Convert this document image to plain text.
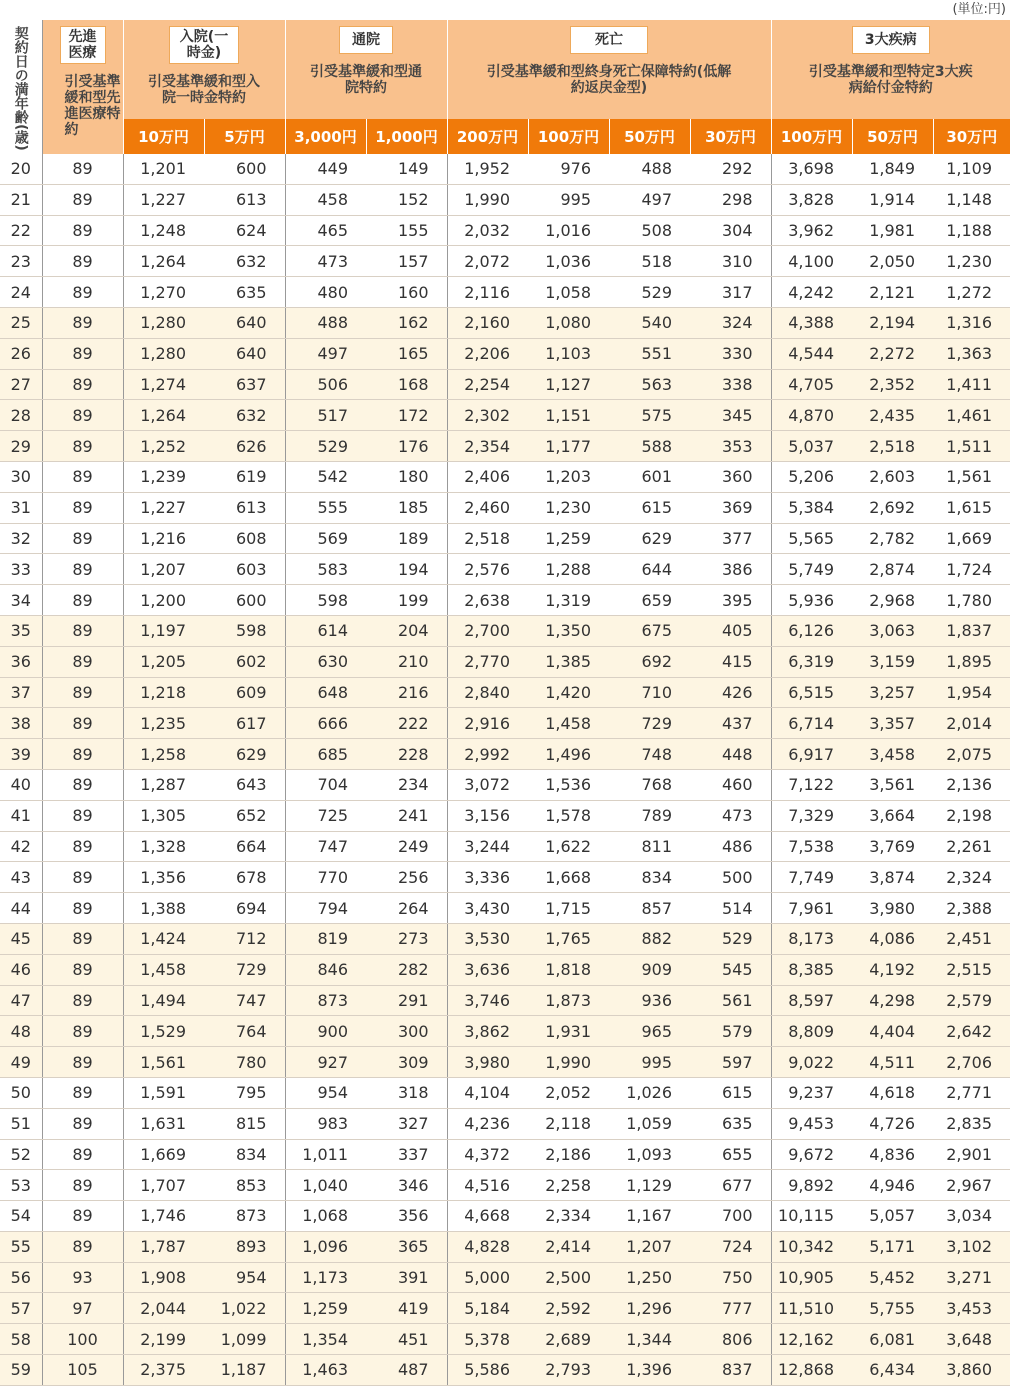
(単位:円)
契約日の満年齢(歳)	先進医療
引受基準緩和型先進医療特約	入院(一時金)
引受基準緩和型入院一時金特約		通院
引受基準緩和型通院特約		死亡
引受基準緩和型終身死亡保障特約(低解約返戻金型)				3大疾病
引受基準緩和型特定3大疾病給付金特約		

		10万円	5万円	3,000円	1,000円	200万円	100万円	50万円	30万円	100万円	50万円	30万円
20	89	1,201	600	449	149	1,952	976	488	292	3,698	1,849	1,109
21	89	1,227	613	458	152	1,990	995	497	298	3,828	1,914	1,148
22	89	1,248	624	465	155	2,032	1,016	508	304	3,962	1,981	1,188
23	89	1,264	632	473	157	2,072	1,036	518	310	4,100	2,050	1,230
24	89	1,270	635	480	160	2,116	1,058	529	317	4,242	2,121	1,272
25	89	1,280	640	488	162	2,160	1,080	540	324	4,388	2,194	1,316
26	89	1,280	640	497	165	2,206	1,103	551	330	4,544	2,272	1,363
27	89	1,274	637	506	168	2,254	1,127	563	338	4,705	2,352	1,411
28	89	1,264	632	517	172	2,302	1,151	575	345	4,870	2,435	1,461
29	89	1,252	626	529	176	2,354	1,177	588	353	5,037	2,518	1,511
30	89	1,239	619	542	180	2,406	1,203	601	360	5,206	2,603	1,561
31	89	1,227	613	555	185	2,460	1,230	615	369	5,384	2,692	1,615
32	89	1,216	608	569	189	2,518	1,259	629	377	5,565	2,782	1,669
33	89	1,207	603	583	194	2,576	1,288	644	386	5,749	2,874	1,724
34	89	1,200	600	598	199	2,638	1,319	659	395	5,936	2,968	1,780
35	89	1,197	598	614	204	2,700	1,350	675	405	6,126	3,063	1,837
36	89	1,205	602	630	210	2,770	1,385	692	415	6,319	3,159	1,895
37	89	1,218	609	648	216	2,840	1,420	710	426	6,515	3,257	1,954
38	89	1,235	617	666	222	2,916	1,458	729	437	6,714	3,357	2,014
39	89	1,258	629	685	228	2,992	1,496	748	448	6,917	3,458	2,075
40	89	1,287	643	704	234	3,072	1,536	768	460	7,122	3,561	2,136
41	89	1,305	652	725	241	3,156	1,578	789	473	7,329	3,664	2,198
42	89	1,328	664	747	249	3,244	1,622	811	486	7,538	3,769	2,261
43	89	1,356	678	770	256	3,336	1,668	834	500	7,749	3,874	2,324
44	89	1,388	694	794	264	3,430	1,715	857	514	7,961	3,980	2,388
45	89	1,424	712	819	273	3,530	1,765	882	529	8,173	4,086	2,451
46	89	1,458	729	846	282	3,636	1,818	909	545	8,385	4,192	2,515
47	89	1,494	747	873	291	3,746	1,873	936	561	8,597	4,298	2,579
48	89	1,529	764	900	300	3,862	1,931	965	579	8,809	4,404	2,642
49	89	1,561	780	927	309	3,980	1,990	995	597	9,022	4,511	2,706
50	89	1,591	795	954	318	4,104	2,052	1,026	615	9,237	4,618	2,771
51	89	1,631	815	983	327	4,236	2,118	1,059	635	9,453	4,726	2,835
52	89	1,669	834	1,011	337	4,372	2,186	1,093	655	9,672	4,836	2,901
53	89	1,707	853	1,040	346	4,516	2,258	1,129	677	9,892	4,946	2,967
54	89	1,746	873	1,068	356	4,668	2,334	1,167	700	10,115	5,057	3,034
55	89	1,787	893	1,096	365	4,828	2,414	1,207	724	10,342	5,171	3,102
56	93	1,908	954	1,173	391	5,000	2,500	1,250	750	10,905	5,452	3,271
57	97	2,044	1,022	1,259	419	5,184	2,592	1,296	777	11,510	5,755	3,453
58	100	2,199	1,099	1,354	451	5,378	2,689	1,344	806	12,162	6,081	3,648
59	105	2,375	1,187	1,463	487	5,586	2,793	1,396	837	12,868	6,434	3,860
